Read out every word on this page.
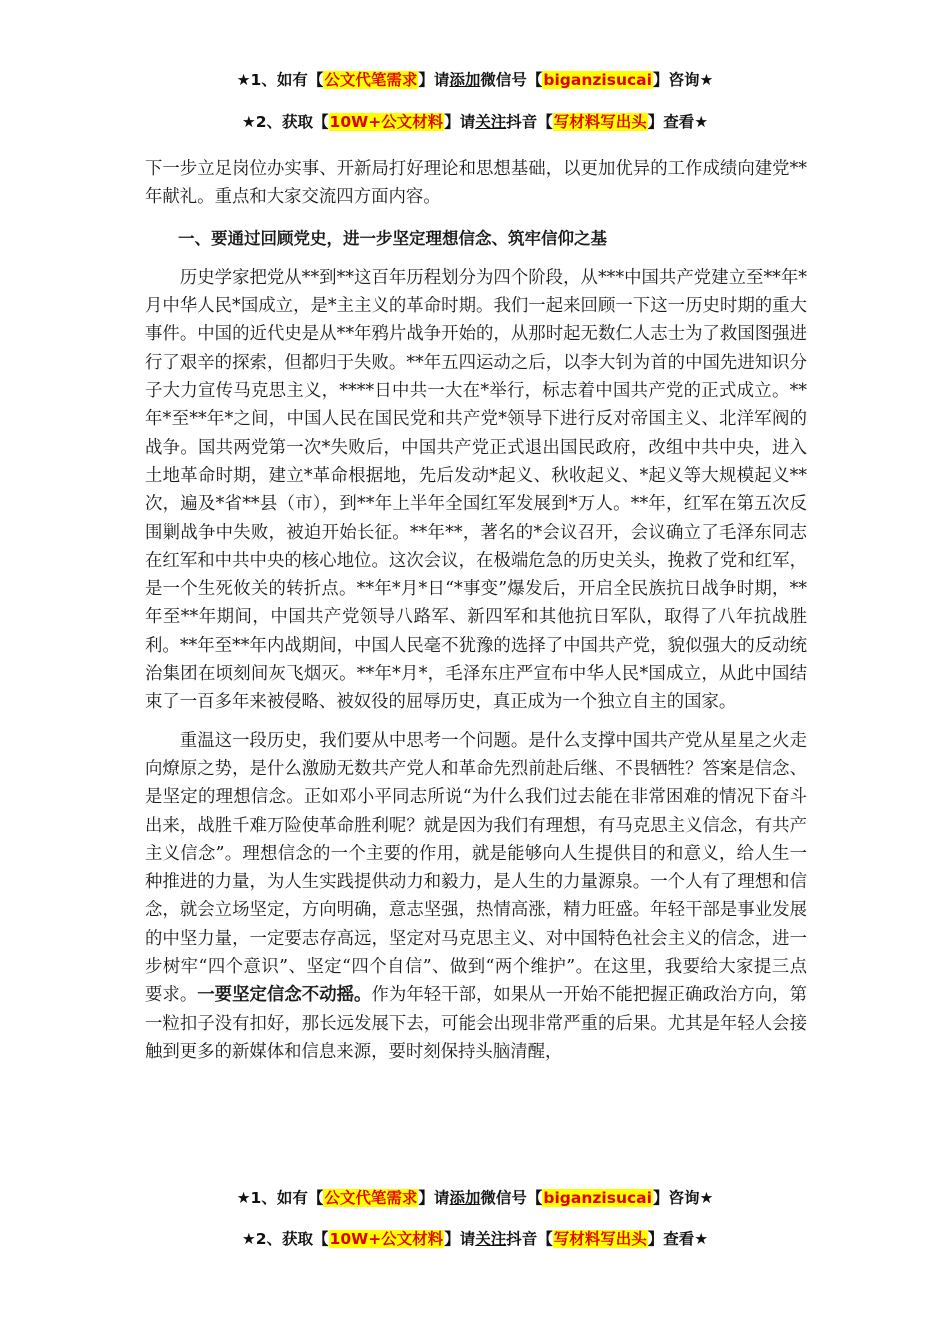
★1、如有【公文代笔需求】请添加微信号【biganzisucai】咨询★
★2、获取【10W+公文材料】请关注抖音【写材料写出头】查看★

下一步立足岗位办实事、开新局打好理论和思想基础，以更加优异的工作成绩向建党**年献礼。重点和大家交流四方面内容。

一、要通过回顾党史，进一步坚定理想信念、筑牢信仰之基

历史学家把党从**到**这百年历程划分为四个阶段，从***中国共产党建立至**年*月中华人民*国成立，是*主主义的革命时期。我们一起来回顾一下这一历史时期的重大事件。中国的近代史是从**年鸦片战争开始的，从那时起无数仁人志士为了救国图强进行了艰辛的探索，但都归于失败。**年五四运动之后，以李大钊为首的中国先进知识分子大力宣传马克思主义，****日中共一大在*举行，标志着中国共产党的正式成立。**年*至**年*之间，中国人民在国民党和共产党*领导下进行反对帝国主义、北洋军阀的战争。国共两党第一次*失败后，中国共产党正式退出国民政府，改组中共中央，进入土地革命时期，建立*革命根据地，先后发动*起义、秋收起义、*起义等大规模起义**次，遍及*省**县（市），到**年上半年全国红军发展到*万人。**年，红军在第五次反围剿战争中失败，被迫开始长征。**年**，著名的*会议召开，会议确立了毛泽东同志在红军和中共中央的核心地位。这次会议，在极端危急的历史关头，挽救了党和红军，是一个生死攸关的转折点。**年*月*日“*事变”爆发后，开启全民族抗日战争时期，**年至**年期间，中国共产党领导八路军、新四军和其他抗日军队，取得了八年抗战胜利。**年至**年内战期间，中国人民毫不犹豫的选择了中国共产党，貌似强大的反动统治集团在顷刻间灰飞烟灭。**年*月*，毛泽东庄严宣布中华人民*国成立，从此中国结束了一百多年来被侵略、被奴役的屈辱历史，真正成为一个独立自主的国家。

重温这一段历史，我们要从中思考一个问题。是什么支撑中国共产党从星星之火走向燎原之势，是什么激励无数共产党人和革命先烈前赴后继、不畏牺牲？答案是信念、是坚定的理想信念。正如邓小平同志所说“为什么我们过去能在非常困难的情况下奋斗出来，战胜千难万险使革命胜利呢？就是因为我们有理想，有马克思主义信念，有共产主义信念”。理想信念的一个主要的作用，就是能够向人生提供目的和意义，给人生一种推进的力量，为人生实践提供动力和毅力，是人生的力量源泉。一个人有了理想和信念，就会立场坚定，方向明确，意志坚强，热情高涨，精力旺盛。年轻干部是事业发展的中坚力量，一定要志存高远，坚定对马克思主义、对中国特色社会主义的信念，进一步树牢“四个意识”、坚定“四个自信”、做到“两个维护”。在这里，我要给大家提三点要求。一要坚定信念不动摇。作为年轻干部，如果从一开始不能把握正确政治方向，第一粒扣子没有扣好，那长远发展下去，可能会出现非常严重的后果。尤其是年轻人会接触到更多的新媒体和信息来源，要时刻保持头脑清醒，

★1、如有【公文代笔需求】请添加微信号【biganzisucai】咨询★
★2、获取【10W+公文材料】请关注抖音【写材料写出头】查看★
